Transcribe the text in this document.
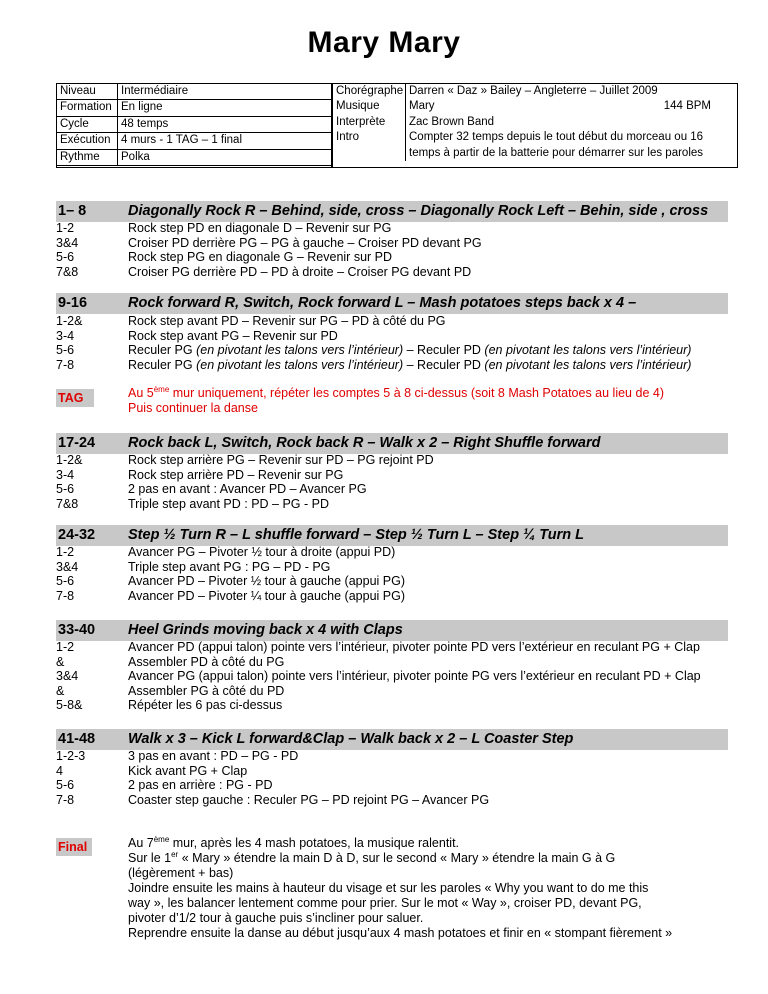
Mary Mary
Niveau	Intermédiaire
Formation En ligne
Cycle	48 temps
Exécution 4 murs - 1 TAG – 1 final
Rythme	Polka
Chorégraphe Darren « Daz » Bailey – Angleterre – Juillet 2009
Musique	Mary	144 BPM
Interprète	Zac Brown Band
Intro	Compter 32 temps depuis le tout début du morceau ou 16 temps à partir de la batterie pour démarrer sur les paroles
1– 8	Diagonally Rock R – Behind, side, cross – Diagonally Rock Left – Behin, side , cross
1-2	Rock step PD en diagonale D – Revenir sur PG
3&4	Croiser PD derrière PG – PG à gauche – Croiser PD devant PG
5-6	Rock step PG en diagonale G – Revenir sur PD
7&8	Croiser PG derrière PD – PD à droite – Croiser PG devant PD
9-16	Rock forward R, Switch, Rock forward L – Mash potatoes steps back x 4 –
1-2&	Rock step avant PD – Revenir sur PG – PD à côté du PG
3-4	Rock step avant PG – Revenir sur PD
5-6	Reculer PG (en pivotant les talons vers l’intérieur) – Reculer PD (en pivotant les talons vers l’intérieur)
7-8	Reculer PG (en pivotant les talons vers l’intérieur) – Reculer PD (en pivotant les talons vers l’intérieur)
TAG	Au 5ème mur uniquement, répéter les comptes 5 à 8 ci-dessus (soit 8 Mash Potatoes au lieu de 4)
Puis continuer la danse
17-24	Rock back L, Switch, Rock back R – Walk x 2 – Right Shuffle forward
1-2&	Rock step arrière PG – Revenir sur PD – PG rejoint PD
3-4	Rock step arrière PD – Revenir sur PG
5-6	2 pas en avant : Avancer PD – Avancer PG
7&8	Triple step avant PD : PD – PG - PD
24-32	Step ½ Turn R – L shuffle forward – Step ½ Turn L – Step ¼ Turn L
1-2	Avancer PG – Pivoter ½ tour à droite (appui PD)
3&4	Triple step avant PG : PG – PD - PG
5-6	Avancer PD – Pivoter ½ tour à gauche (appui PG)
7-8	Avancer PD – Pivoter ¼ tour à gauche (appui PG)
33-40	Heel Grinds moving back x 4 with Claps
1-2	Avancer PD (appui talon) pointe vers l’intérieur, pivoter pointe PD vers l’extérieur en reculant PG + Clap
&	Assembler PD à côté du PG
3&4	Avancer PG (appui talon) pointe vers l’intérieur, pivoter pointe PG vers l’extérieur en reculant PD + Clap
&	Assembler PG à côté du PD
5-8&	Répéter les 6 pas ci-dessus
41-48	Walk x 3 – Kick L forward&Clap – Walk back x 2 – L Coaster Step
1-2-3	3 pas en avant : PD – PG - PD
4	Kick avant PG + Clap
5-6	2 pas en arrière : PG - PD
7-8	Coaster step gauche : Reculer PG – PD rejoint PG – Avancer PG
Final	Au 7ème mur, après les 4 mash potatoes, la musique ralentit.
Sur le 1er « Mary » étendre la main D à D, sur le second « Mary » étendre la main G à G
(légèrement + bas)
Joindre ensuite les mains à hauteur du visage et sur les paroles « Why you want to do me this
way », les balancer lentement comme pour prier. Sur le mot « Way », croiser PD, devant PG,
pivoter d’1/2 tour à gauche puis s’incliner pour saluer.
Reprendre ensuite la danse au début jusqu’aux 4 mash potatoes et finir en « stompant fièrement »
